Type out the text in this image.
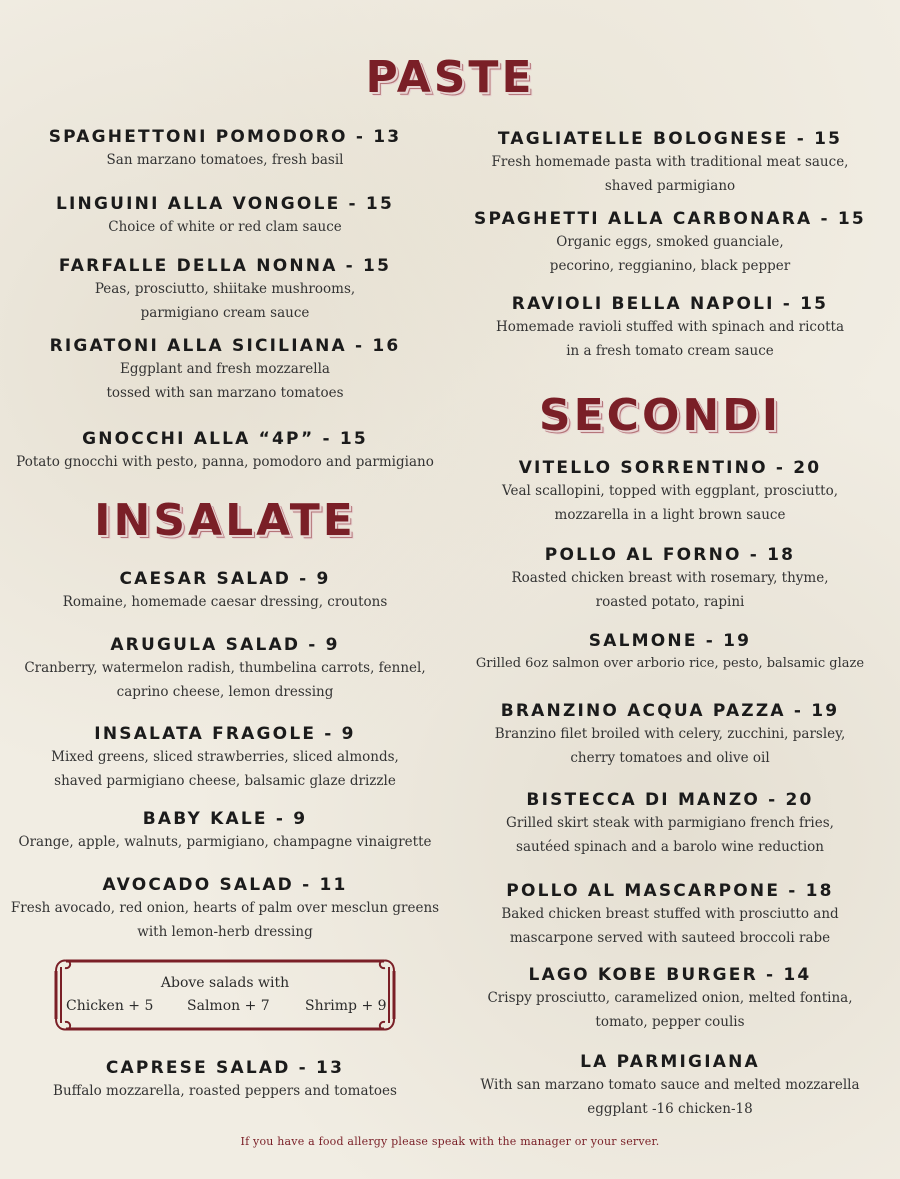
PASTE
INSALATE
SECONDI
SPAGHETTONI POMODORO - 13
San marzano tomatoes, fresh basil
LINGUINI ALLA VONGOLE - 15
Choice of white or red clam sauce
FARFALLE DELLA NONNA - 15
Peas, prosciutto, shiitake mushrooms,
parmigiano cream sauce
RIGATONI ALLA SICILIANA - 16
Eggplant and fresh mozzarella
tossed with san marzano tomatoes
GNOCCHI ALLA “4P” - 15
Potato gnocchi with pesto, panna, pomodoro and parmigiano
TAGLIATELLE BOLOGNESE - 15
Fresh homemade pasta with traditional meat sauce,
shaved parmigiano
SPAGHETTI ALLA CARBONARA - 15
Organic eggs, smoked guanciale,
pecorino, reggianino, black pepper
RAVIOLI BELLA NAPOLI - 15
Homemade ravioli stuffed with spinach and ricotta
in a fresh tomato cream sauce
CAESAR SALAD - 9
Romaine, homemade caesar dressing, croutons
ARUGULA SALAD - 9
Cranberry, watermelon radish, thumbelina carrots, fennel,
caprino cheese, lemon dressing
INSALATA FRAGOLE - 9
Mixed greens, sliced strawberries, sliced almonds,
shaved parmigiano cheese, balsamic glaze drizzle
BABY KALE - 9
Orange, apple, walnuts, parmigiano, champagne vinaigrette
AVOCADO SALAD - 11
Fresh avocado, red onion, hearts of palm over mesclun greens
with lemon-herb dressing
Above salads with
Chicken + 5 Salmon + 7	Shrimp + 9
CAPRESE SALAD - 13
Buffalo mozzarella, roasted peppers and tomatoes
VITELLO SORRENTINO - 20
Veal scallopini, topped with eggplant, prosciutto,
mozzarella in a light brown sauce
POLLO AL FORNO - 18
Roasted chicken breast with rosemary, thyme,
roasted potato, rapini
SALMONE - 19
Grilled 6oz salmon over arborio rice, pesto, balsamic glaze
BRANZINO ACQUA PAZZA - 19
Branzino filet broiled with celery, zucchini, parsley,
cherry tomatoes and olive oil
BISTECCA DI MANZO - 20
Grilled skirt steak with parmigiano french fries,
sautéed spinach and a barolo wine reduction
POLLO AL MASCARPONE - 18
Baked chicken breast stuffed with prosciutto and
mascarpone served with sauteed broccoli rabe
LAGO KOBE BURGER - 14
Crispy prosciutto, caramelized onion, melted fontina,
tomato, pepper coulis
LA PARMIGIANA
With san marzano tomato sauce and melted mozzarella
eggplant -16 chicken-18
If you have a food allergy please speak with the manager or your server.
